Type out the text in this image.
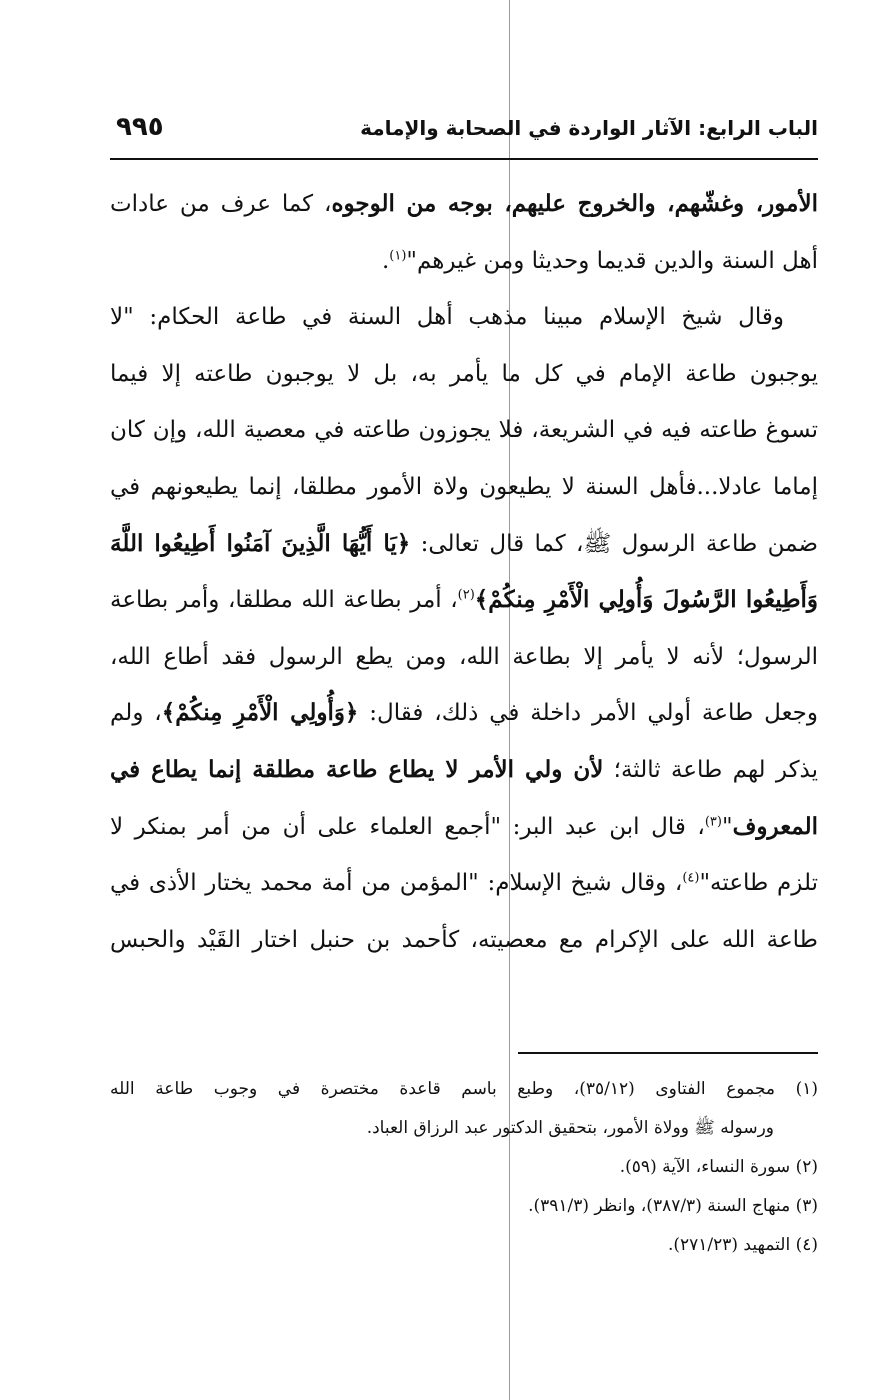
الباب الرابع: الآثار الواردة في الصحابة والإمامة
٩٩٥
الأمور، وغشّهم، والخروج عليهم، بوجه من الوجوه، كما عرف من عادات
أهل السنة والدين قديما وحديثا ومن غيرهم"$^{(١)}$.
وقال شيخ الإسلام مبينا مذهب أهل السنة في طاعة الحكام: "لا
يوجبون طاعة الإمام في كل ما يأمر به، بل لا يوجبون طاعته إلا فيما
تسوغ طاعته فيه في الشريعة، فلا يجوزون طاعته في معصية الله، وإن كان
إماما عادلا...فأهل السنة لا يطيعون ولاة الأمور مطلقا، إنما يطيعونهم في
ضمن طاعة الرسول ﷺ، كما قال تعالى: ﴿يَا أَيُّهَا الَّذِينَ آمَنُوا أَطِيعُوا اللَّهَ
وَأَطِيعُوا الرَّسُولَ وَأُولِي الْأَمْرِ مِنكُمْ﴾$^{(٢)}$، أمر بطاعة الله مطلقا، وأمر بطاعة
الرسول؛ لأنه لا يأمر إلا بطاعة الله، ومن يطع الرسول فقد أطاع الله،
وجعل طاعة أولي الأمر داخلة في ذلك، فقال: ﴿وَأُولِي الْأَمْرِ مِنكُمْ﴾، ولم
يذكر لهم طاعة ثالثة؛ لأن ولي الأمر لا يطاع طاعة مطلقة إنما يطاع في
المعروف"$^{(٣)}$، قال ابن عبد البر: "أجمع العلماء على أن من أمر بمنكر لا
تلزم طاعته"$^{(٤)}$، وقال شيخ الإسلام: "المؤمن من أمة محمد يختار الأذى في
طاعة الله على الإكرام مع معصيته، كأحمد بن حنبل اختار القَيْد والحبس
(١) مجموع الفتاوى (٣٥/١٢)، وطبع باسم قاعدة مختصرة في وجوب طاعة الله
ورسوله ﷺ وولاة الأمور، بتحقيق الدكتور عبد الرزاق العباد.
(٢) سورة النساء، الآية (٥٩).
(٣) منهاج السنة (٣٨٧/٣)، وانظر (٣٩١/٣).
(٤) التمهيد (٢٧١/٢٣).
